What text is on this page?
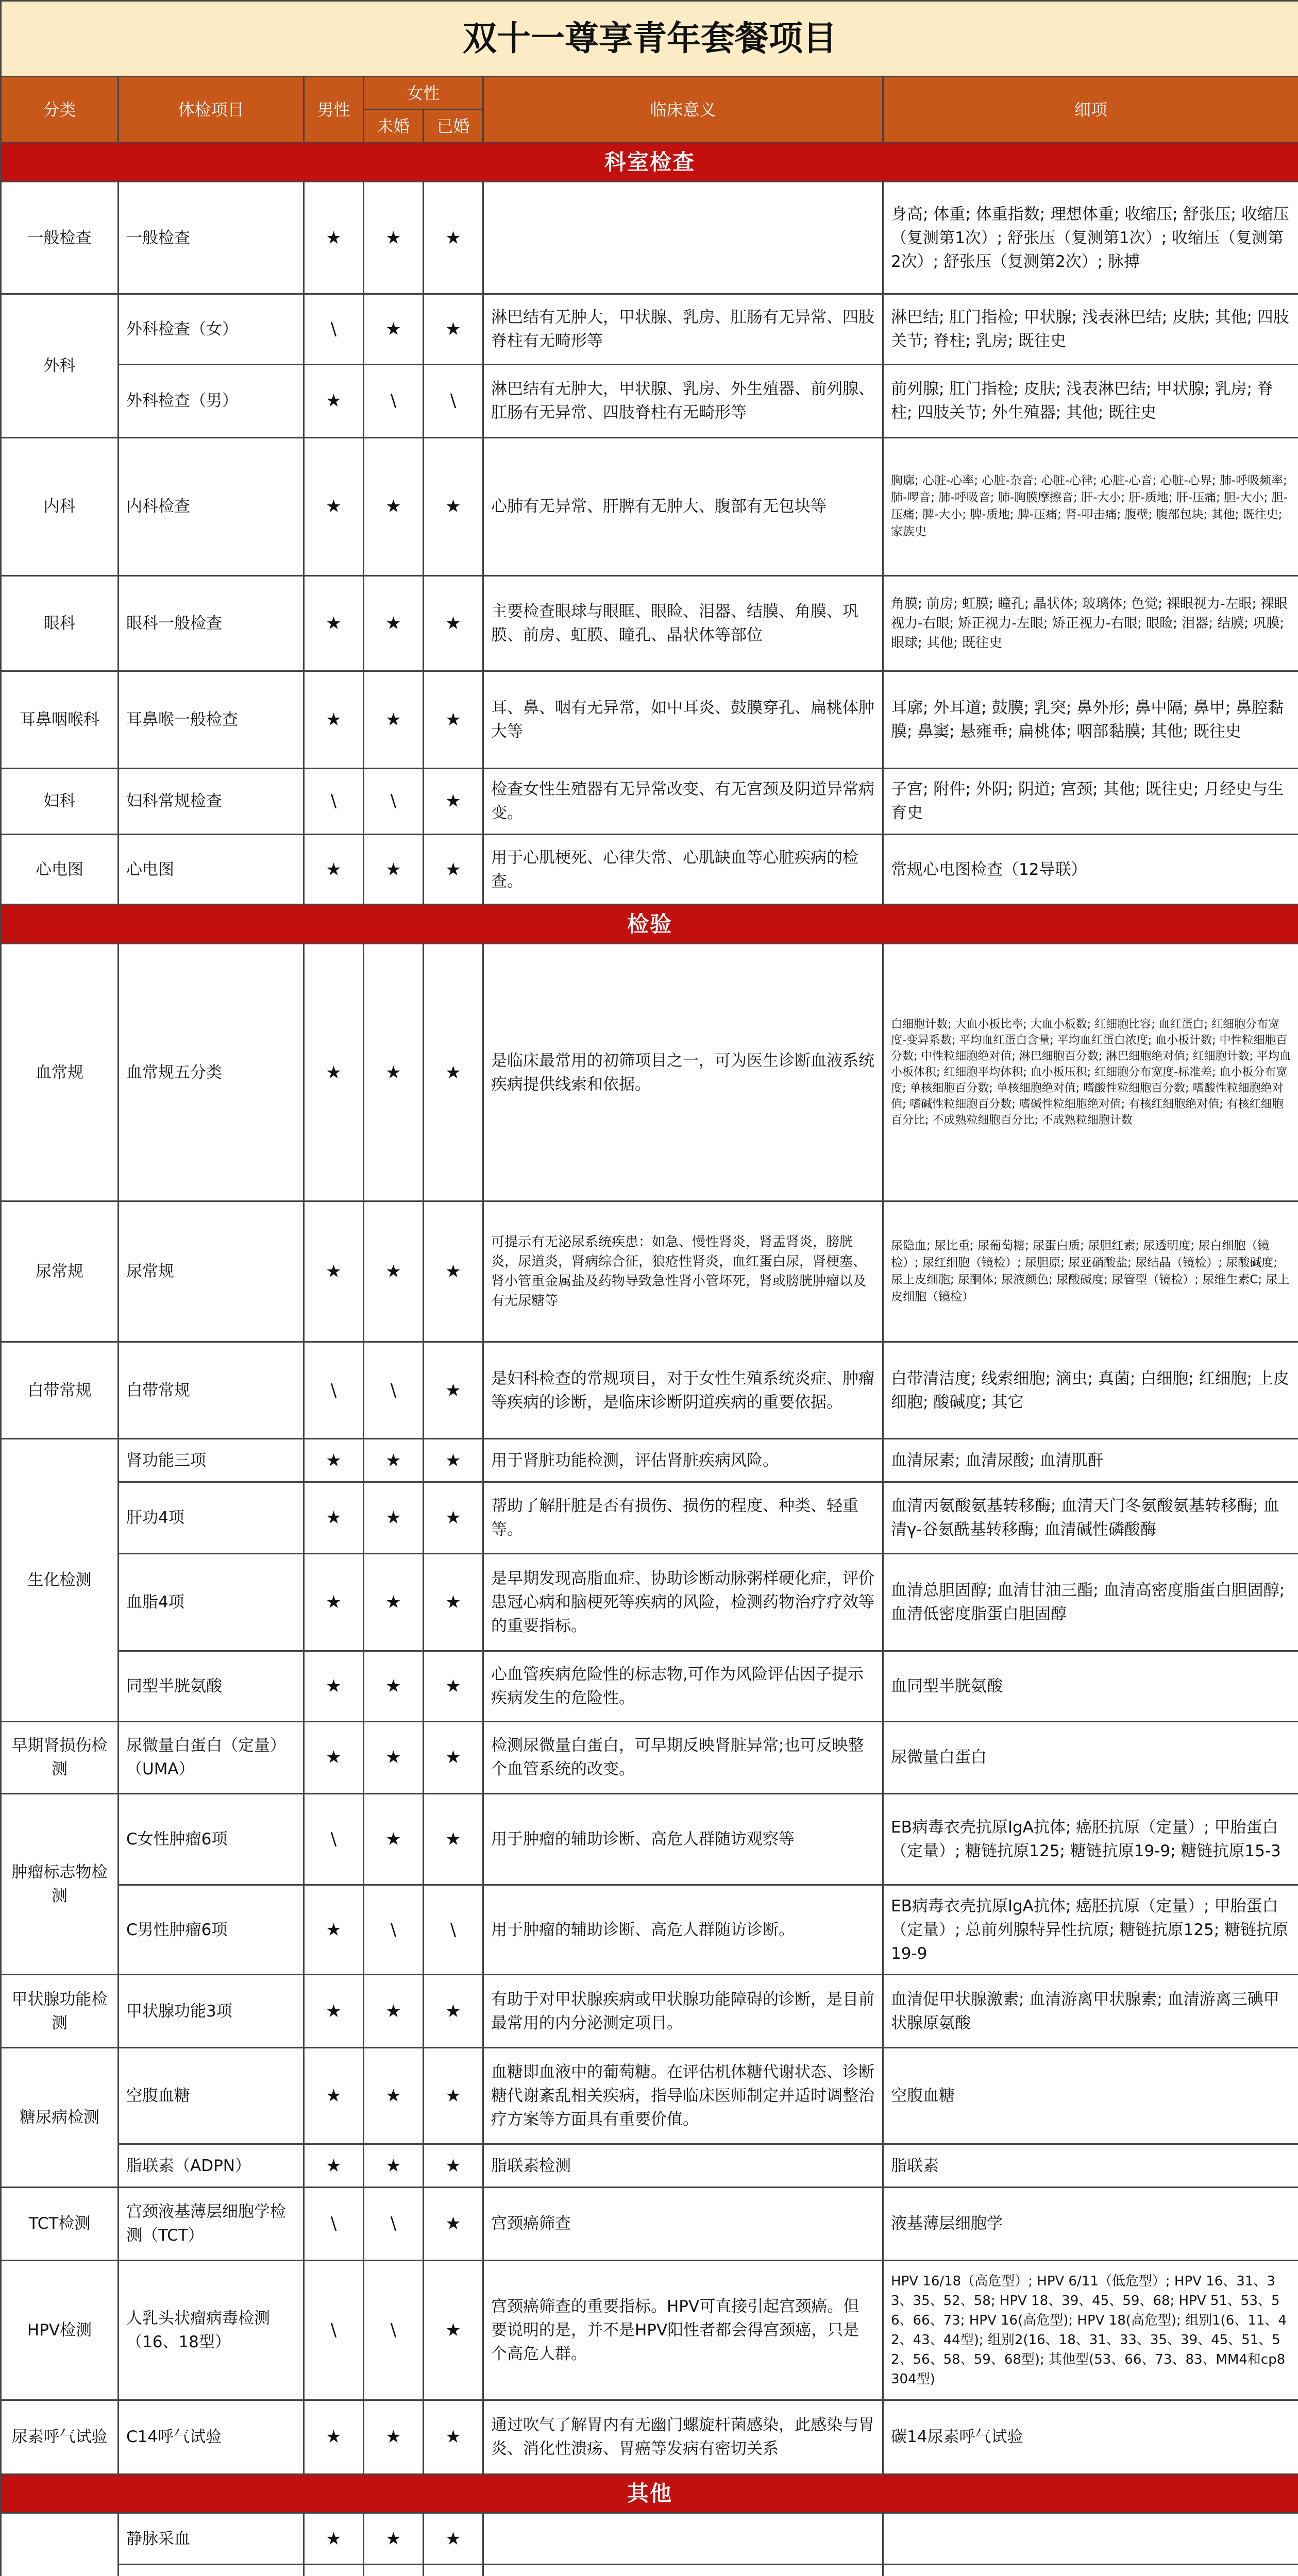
双十一尊享青年套餐项目						
分类	体检项目	男性	女性		临床意义	细项
			未婚	已婚		
科室检查						
一般检查	一般检查	★	★	★		身高; 体重; 体重指数; 理想体重; 收缩压; 舒张压; 收缩压（复测第1次）; 舒张压（复测第1次）; 收缩压（复测第2次）; 舒张压（复测第2次）; 脉搏
外科	外科检查（女）	\	★	★	淋巴结有无肿大，甲状腺、乳房、肛肠有无异常、四肢脊柱有无畸形等	淋巴结; 肛门指检; 甲状腺; 浅表淋巴结; 皮肤; 其他; 四肢关节; 脊柱; 乳房; 既往史
	外科检查（男）	★	\	\	淋巴结有无肿大，甲状腺、乳房、外生殖器、前列腺、肛肠有无异常、四肢脊柱有无畸形等	前列腺; 肛门指检; 皮肤; 浅表淋巴结; 甲状腺; 乳房; 脊柱; 四肢关节; 外生殖器; 其他; 既往史
内科	内科检查	★	★	★	心肺有无异常、肝脾有无肿大、腹部有无包块等	胸廓; 心脏-心率; 心脏-杂音; 心脏-心律; 心脏-心音; 心脏-心界; 肺-呼吸频率; 肺-啰音; 肺-呼吸音; 肺-胸膜摩擦音; 肝-大小; 肝-质地; 肝-压痛; 胆-大小; 胆-压痛; 脾-大小; 脾-质地; 脾-压痛; 肾-叩击痛; 腹壁; 腹部包块; 其他; 既往史; 家族史
眼科	眼科一般检查	★	★	★	主要检查眼球与眼眶、眼睑、泪器、结膜、角膜、巩膜、前房、虹膜、瞳孔、晶状体等部位	角膜; 前房; 虹膜; 瞳孔; 晶状体; 玻璃体; 色觉; 裸眼视力-左眼; 裸眼视力-右眼; 矫正视力-左眼; 矫正视力-右眼; 眼睑; 泪器; 结膜; 巩膜; 眼球; 其他; 既往史
耳鼻咽喉科	耳鼻喉一般检查	★	★	★	耳、鼻、咽有无异常，如中耳炎、鼓膜穿孔、扁桃体肿大等	耳廓; 外耳道; 鼓膜; 乳突; 鼻外形; 鼻中隔; 鼻甲; 鼻腔黏膜; 鼻窦; 悬雍垂; 扁桃体; 咽部黏膜; 其他; 既往史
妇科	妇科常规检查	\	\	★	检查女性生殖器有无异常改变、有无宫颈及阴道异常病变。	子宫; 附件; 外阴; 阴道; 宫颈; 其他; 既往史; 月经史与生育史
心电图	心电图	★	★	★	用于心肌梗死、心律失常、心肌缺血等心脏疾病的检查。	常规心电图检查（12导联）
检验						
血常规	血常规五分类	★	★	★	是临床最常用的初筛项目之一，可为医生诊断血液系统疾病提供线索和依据。	白细胞计数; 大血小板比率; 大血小板数; 红细胞比容; 血红蛋白; 红细胞分布宽度-变异系数; 平均血红蛋白含量; 平均血红蛋白浓度; 血小板计数; 中性粒细胞百分数; 中性粒细胞绝对值; 淋巴细胞百分数; 淋巴细胞绝对值; 红细胞计数; 平均血小板体积; 红细胞平均体积; 血小板压积; 红细胞分布宽度-标准差; 血小板分布宽度; 单核细胞百分数; 单核细胞绝对值; 嗜酸性粒细胞百分数; 嗜酸性粒细胞绝对值; 嗜碱性粒细胞百分数; 嗜碱性粒细胞绝对值; 有核红细胞绝对值; 有核红细胞百分比; 不成熟粒细胞百分比; 不成熟粒细胞计数
尿常规	尿常规	★	★	★	可提示有无泌尿系统疾患：如急、慢性肾炎，肾盂肾炎，膀胱炎，尿道炎，肾病综合征，狼疮性肾炎，血红蛋白尿，肾梗塞、肾小管重金属盐及药物导致急性肾小管坏死，肾或膀胱肿瘤以及有无尿糖等	尿隐血; 尿比重; 尿葡萄糖; 尿蛋白质; 尿胆红素; 尿透明度; 尿白细胞（镜检）; 尿红细胞（镜检）; 尿胆原; 尿亚硝酸盐; 尿结晶（镜检）; 尿酸碱度; 尿上皮细胞; 尿酮体; 尿液颜色; 尿酸碱度; 尿管型（镜检）; 尿维生素C; 尿上皮细胞（镜检）
白带常规	白带常规	\	\	★	是妇科检查的常规项目，对于女性生殖系统炎症、肿瘤等疾病的诊断，是临床诊断阴道疾病的重要依据。	白带清洁度; 线索细胞; 滴虫; 真菌; 白细胞; 红细胞; 上皮细胞; 酸碱度; 其它
生化检测	肾功能三项	★	★	★	用于肾脏功能检测，评估肾脏疾病风险。	血清尿素; 血清尿酸; 血清肌酐
	肝功4项	★	★	★	帮助了解肝脏是否有损伤、损伤的程度、种类、轻重等。	血清丙氨酸氨基转移酶; 血清天门冬氨酸氨基转移酶; 血清γ-谷氨酰基转移酶; 血清碱性磷酸酶
	血脂4项	★	★	★	是早期发现高脂血症、协助诊断动脉粥样硬化症，评价患冠心病和脑梗死等疾病的风险，检测药物治疗疗效等的重要指标。	血清总胆固醇; 血清甘油三酯; 血清高密度脂蛋白胆固醇; 血清低密度脂蛋白胆固醇
	同型半胱氨酸	★	★	★	心血管疾病危险性的标志物,可作为风险评估因子提示疾病发生的危险性。	血同型半胱氨酸
早期肾损伤检测	尿微量白蛋白（定量）（UMA）	★	★	★	检测尿微量白蛋白，可早期反映肾脏异常;也可反映整个血管系统的改变。	尿微量白蛋白
肿瘤标志物检测	C女性肿瘤6项	\	★	★	用于肿瘤的辅助诊断、高危人群随访观察等	EB病毒衣壳抗原IgA抗体; 癌胚抗原（定量）; 甲胎蛋白（定量）; 糖链抗原125; 糖链抗原19-9; 糖链抗原15-3
	C男性肿瘤6项	★	\	\	用于肿瘤的辅助诊断、高危人群随访诊断。	EB病毒衣壳抗原IgA抗体; 癌胚抗原（定量）; 甲胎蛋白（定量）; 总前列腺特异性抗原; 糖链抗原125; 糖链抗原19-9
甲状腺功能检测	甲状腺功能3项	★	★	★	有助于对甲状腺疾病或甲状腺功能障碍的诊断，是目前最常用的内分泌测定项目。	血清促甲状腺激素; 血清游离甲状腺素; 血清游离三碘甲状腺原氨酸
糖尿病检测	空腹血糖	★	★	★	血糖即血液中的葡萄糖。在评估机体糖代谢状态、诊断糖代谢紊乱相关疾病，指导临床医师制定并适时调整治疗方案等方面具有重要价值。	空腹血糖
	脂联素（ADPN）	★	★	★	脂联素检测	脂联素
TCT检测	宫颈液基薄层细胞学检测（TCT）	\	\	★	宫颈癌筛查	液基薄层细胞学
HPV检测	人乳头状瘤病毒检测（16、18型）	\	\	★	宫颈癌筛查的重要指标。HPV可直接引起宫颈癌。但要说明的是，并不是HPV阳性者都会得宫颈癌，只是个高危人群。	HPV 16/18（高危型）; HPV 6/11（低危型）; HPV 16、31、33、35、52、58; HPV 18、39、45、59、68; HPV 51、53、56、66、73; HPV 16(高危型); HPV 18(高危型); 组别1(6、11、42、43、44型); 组别2(16、18、31、33、35、39、45、51、52、56、58、59、68型); 其他型(53、66、73、83、MM4和cp8304型)
尿素呼气试验	C14呼气试验	★	★	★	通过吹气了解胃内有无幽门螺旋杆菌感染，此感染与胃炎、消化性溃疡、胃癌等发病有密切关系	碳14尿素呼气试验
其他						
	静脉采血	★	★	★		
